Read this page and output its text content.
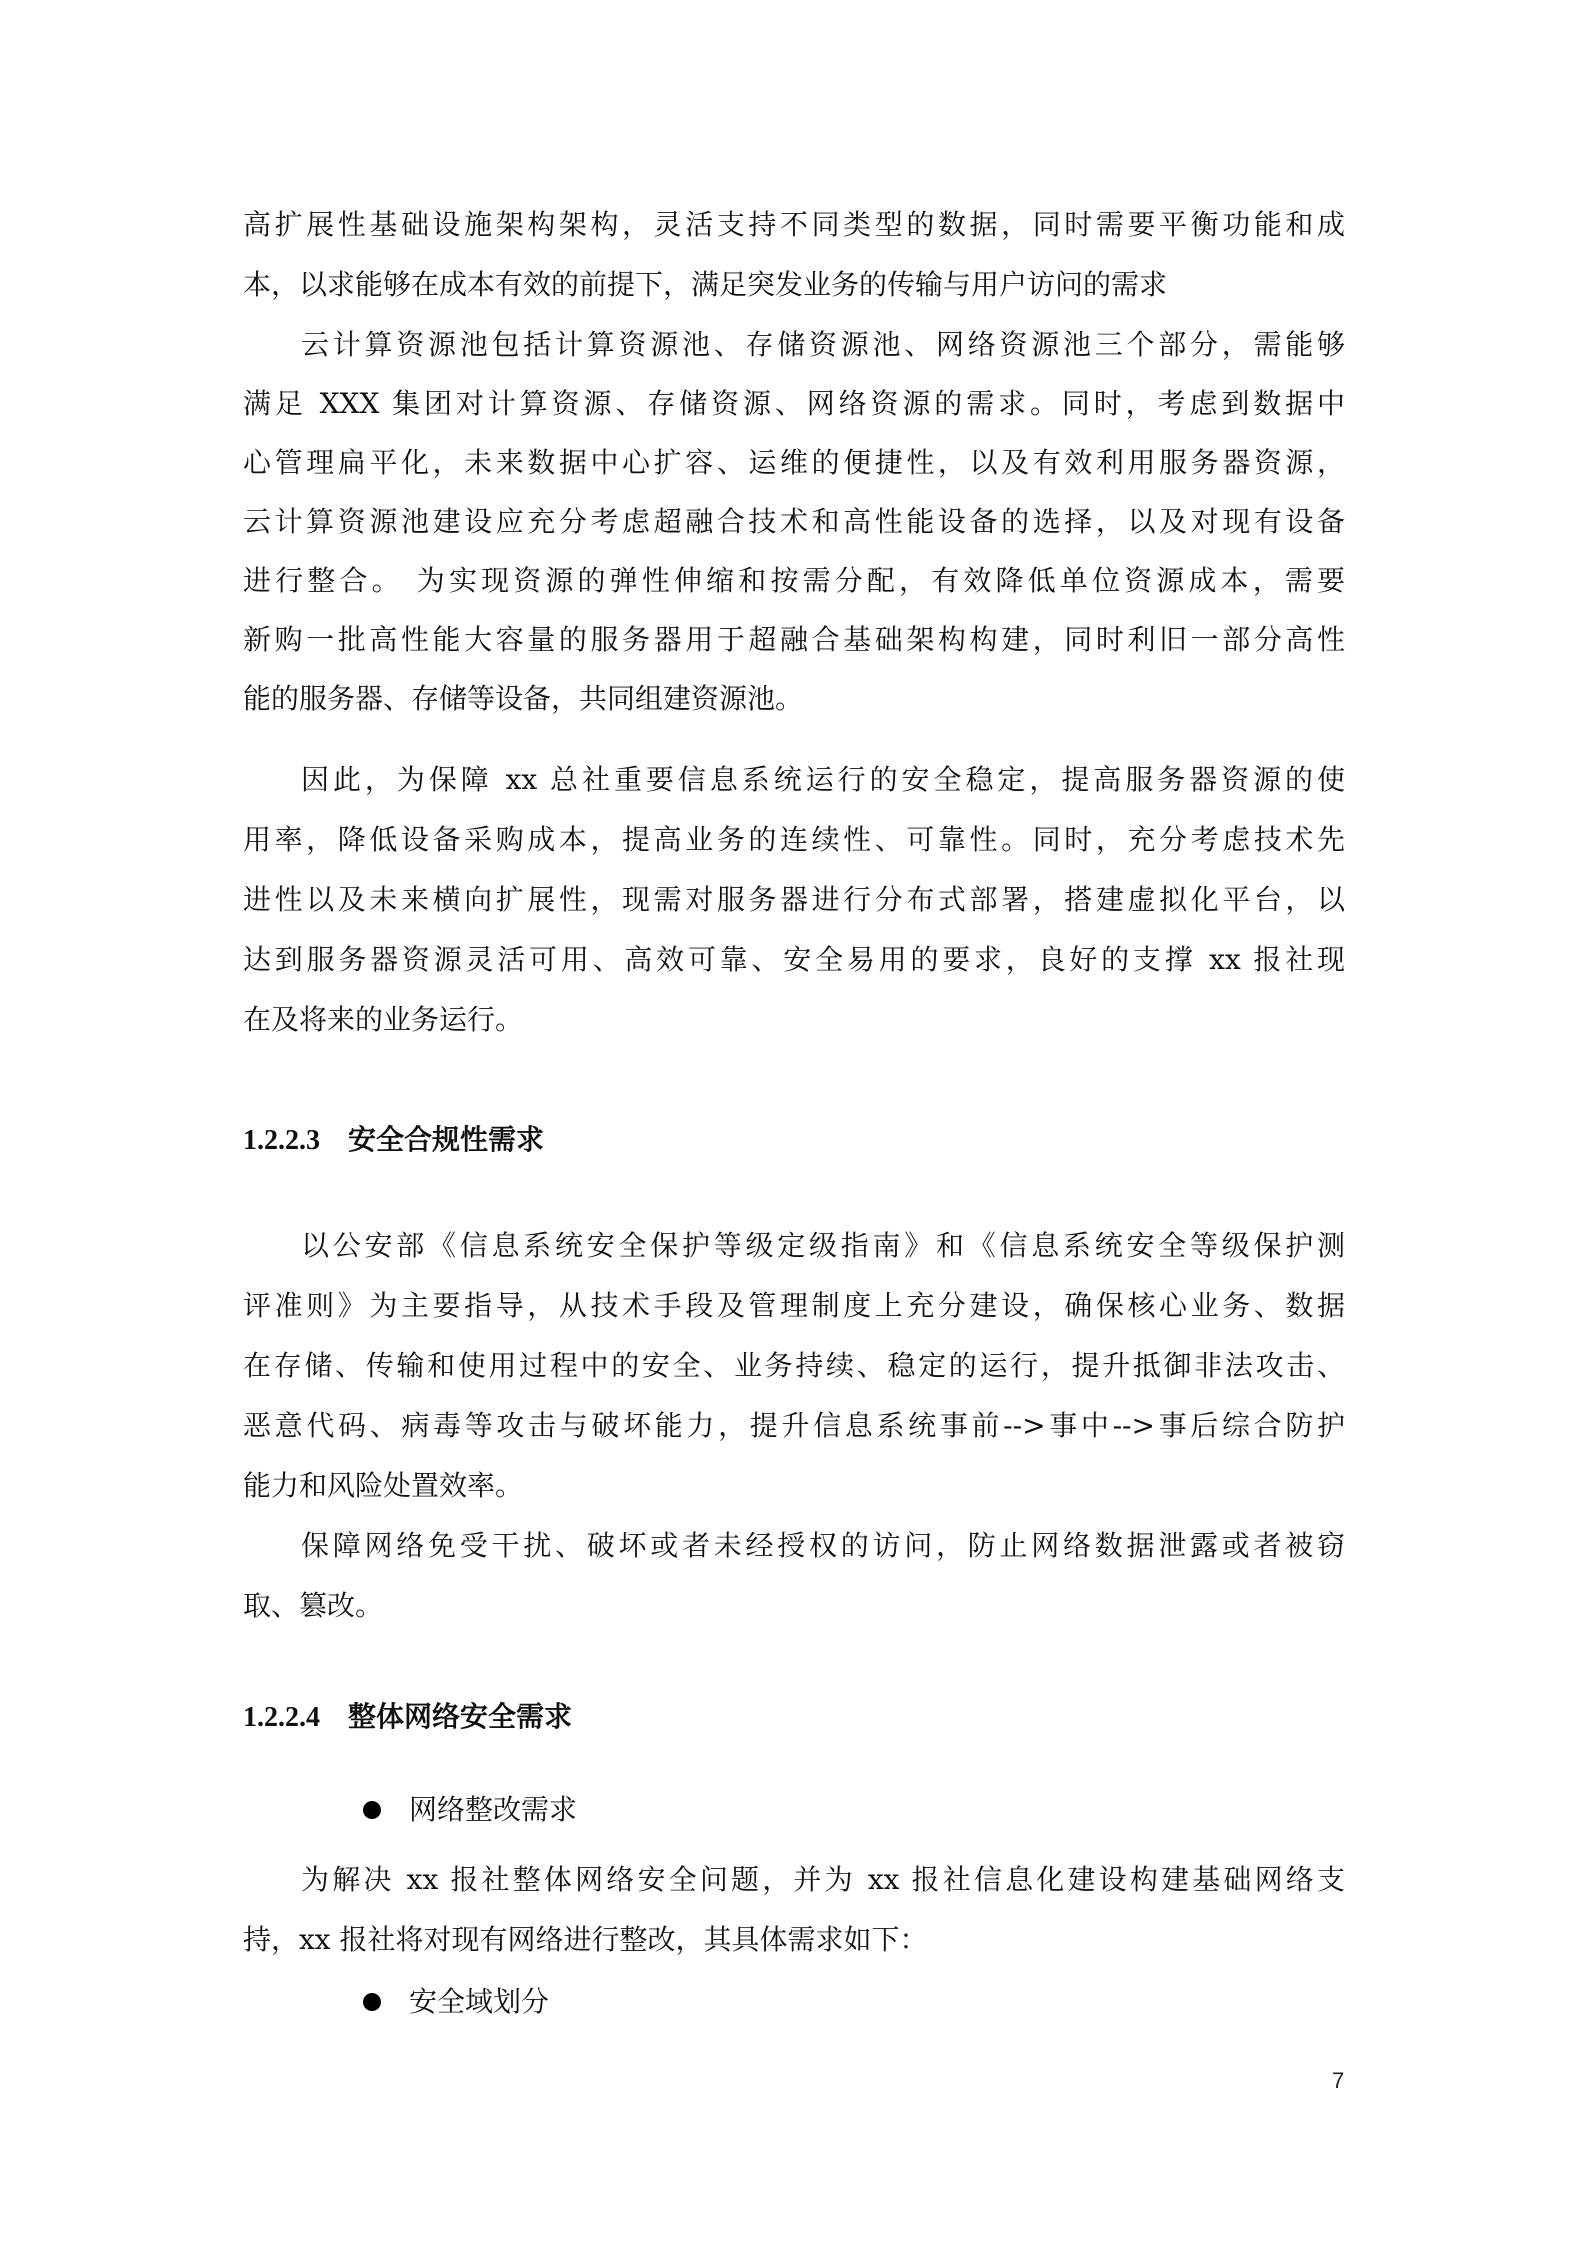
高扩展性基础设施架构架构，灵活支持不同类型的数据，同时需要平衡功能和成
本，以求能够在成本有效的前提下，满足突发业务的传输与用户访问的需求
云计算资源池包括计算资源池、存储资源池、网络资源池三个部分，需能够
满足 XXX 集团对计算资源、存储资源、网络资源的需求。同时，考虑到数据中
心管理扁平化，未来数据中心扩容、运维的便捷性，以及有效利用服务器资源，
云计算资源池建设应充分考虑超融合技术和高性能设备的选择，以及对现有设备
进行整合。 为实现资源的弹性伸缩和按需分配，有效降低单位资源成本，需要
新购一批高性能大容量的服务器用于超融合基础架构构建，同时利旧一部分高性
能的服务器、存储等设备，共同组建资源池。
因此，为保障 xx 总社重要信息系统运行的安全稳定，提高服务器资源的使
用率，降低设备采购成本，提高业务的连续性、可靠性。同时，充分考虑技术先
进性以及未来横向扩展性，现需对服务器进行分布式部署，搭建虚拟化平台，以
达到服务器资源灵活可用、高效可靠、安全易用的要求，良好的支撑 xx 报社现
在及将来的业务运行。
1.2.2.3 安全合规性需求
以公安部《信息系统安全保护等级定级指南》和《信息系统安全等级保护测
评准则》为主要指导，从技术手段及管理制度上充分建设，确保核心业务、数据
在存储、传输和使用过程中的安全、业务持续、稳定的运行，提升抵御非法攻击、
恶意代码、病毒等攻击与破坏能力，提升信息系统事前-->事中-->事后综合防护
能力和风险处置效率。
保障网络免受干扰、破坏或者未经授权的访问，防止网络数据泄露或者被窃
取、篡改。
1.2.2.4 整体网络安全需求
网络整改需求
为解决 xx 报社整体网络安全问题，并为 xx 报社信息化建设构建基础网络支
持，xx 报社将对现有网络进行整改，其具体需求如下：
安全域划分
7
